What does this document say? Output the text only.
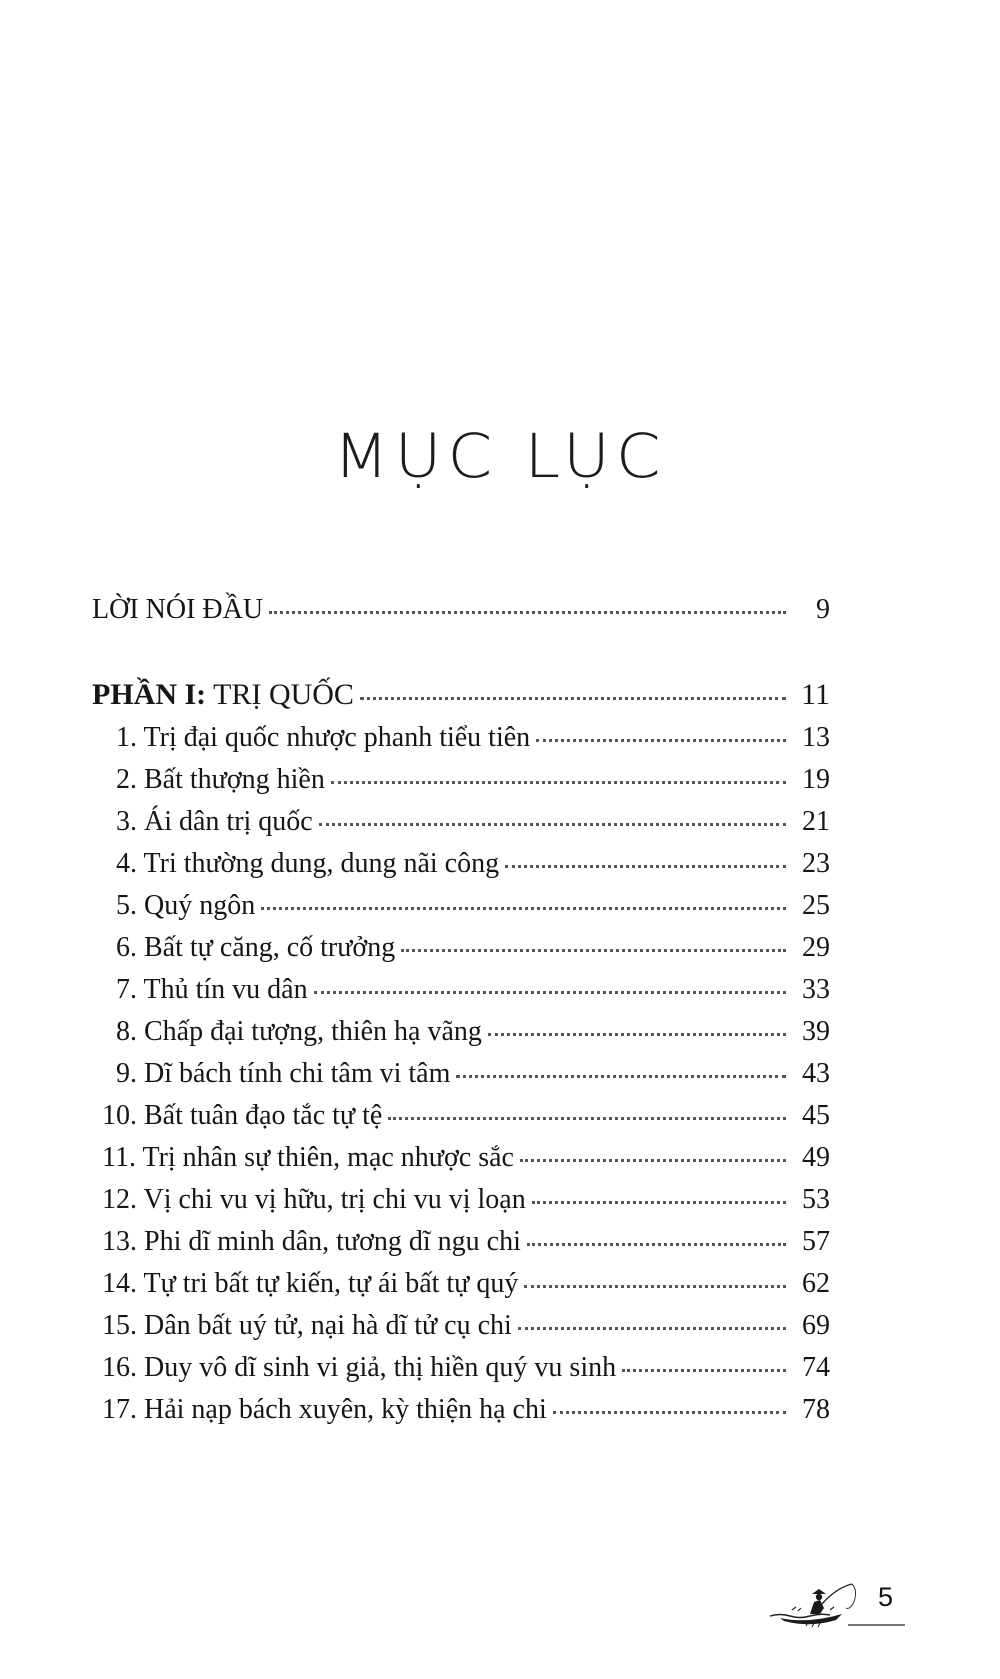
MỤC LỤC
LỜI NÓI ĐẦU	9
PHẦN I: TRỊ QUỐC	11
1. Trị đại quốc nhược phanh tiểu tiên	13
2. Bất thượng hiền	19
3. Ái dân trị quốc	21
4. Tri thường dung, dung nãi công	23
5. Quý ngôn	25
6. Bất tự căng, cố trưởng	29
7. Thủ tín vu dân	33
8. Chấp đại tượng, thiên hạ vãng	39
9. Dĩ bách tính chi tâm vi tâm	43
10. Bất tuân đạo tắc tự tệ	45
11. Trị nhân sự thiên, mạc nhược sắc	49
12. Vị chi vu vị hữu, trị chi vu vị loạn	53
13. Phi dĩ minh dân, tương dĩ ngu chi	57
14. Tự tri bất tự kiến, tự ái bất tự quý	62
15. Dân bất uý tử, nại hà dĩ tử cụ chi	69
16. Duy vô dĩ sinh vi giả, thị hiền quý vu sinh	74
17. Hải nạp bách xuyên, kỳ thiện hạ chi	78
5
